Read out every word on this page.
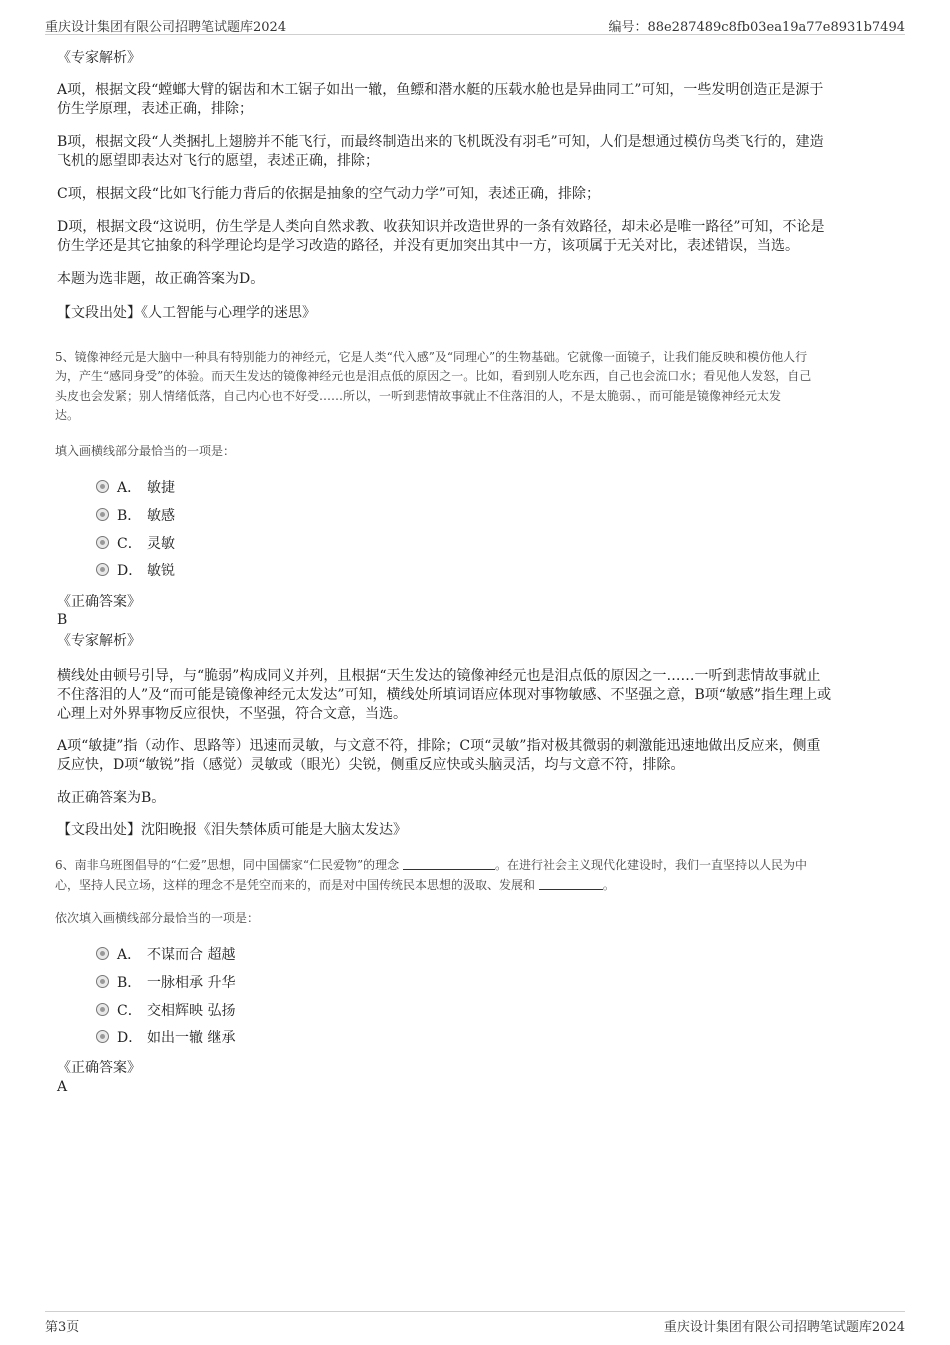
重庆设计集团有限公司招聘笔试题库2024	编号：88e287489c8fb03ea19a77e8931b7494
《专家解析》
A项，根据文段“螳螂大臂的锯齿和木工锯子如出一辙，鱼鳔和潜水艇的压载水舱也是异曲同工”可知，一些发明创造正是源于
仿生学原理，表述正确，排除；
B项，根据文段“人类捆扎上翅膀并不能飞行，而最终制造出来的飞机既没有羽毛”可知，人们是想通过模仿鸟类飞行的，建造
飞机的愿望即表达对飞行的愿望，表述正确，排除；
C项，根据文段“比如飞行能力背后的依据是抽象的空气动力学”可知，表述正确，排除；
D项，根据文段“这说明，仿生学是人类向自然求教、收获知识并改造世界的一条有效路径，却未必是唯一路径”可知，不论是
仿生学还是其它抽象的科学理论均是学习改造的路径，并没有更加突出其中一方，该项属于无关对比，表述错误，当选。
本题为选非题，故正确答案为D。
【文段出处】《人工智能与心理学的迷思》
5、镜像神经元是大脑中一种具有特别能力的神经元，它是人类“代入感”及“同理心”的生物基础。它就像一面镜子，让我们能反映和模仿他人行
为，产生“感同身受”的体验。而天生发达的镜像神经元也是泪点低的原因之一。比如，看到别人吃东西，自己也会流口水；看见他人发怒，自己
头皮也会发紧；别人情绪低落，自己内心也不好受……所以，一听到悲情故事就止不住落泪的人，不是太脆弱、，而可能是镜像神经元太发
达。
填入画横线部分最恰当的一项是：
A． 敏捷
B． 敏感
C． 灵敏
D． 敏锐
《正确答案》
B
《专家解析》
横线处由顿号引导，与“脆弱”构成同义并列，且根据“天生发达的镜像神经元也是泪点低的原因之一……一听到悲情故事就止
不住落泪的人”及“而可能是镜像神经元太发达”可知，横线处所填词语应体现对事物敏感、不坚强之意，B项“敏感”指生理上或
心理上对外界事物反应很快，不坚强，符合文意，当选。
A项“敏捷”指（动作、思路等）迅速而灵敏，与文意不符，排除；C项“灵敏”指对极其微弱的刺激能迅速地做出反应来，侧重
反应快，D项“敏锐”指（感觉）灵敏或（眼光）尖锐，侧重反应快或头脑灵活，均与文意不符，排除。
故正确答案为B。
【文段出处】沈阳晚报《泪失禁体质可能是大脑太发达》
6、南非乌班图倡导的“仁爱”思想，同中国儒家“仁民爱物”的理念	。在进行社会主义现代化建设时，我们一直坚持以人民为中
心，坚持人民立场，这样的理念不是凭空而来的，而是对中国传统民本思想的汲取、发展和	。
依次填入画横线部分最恰当的一项是：
A． 不谋而合 超越
B． 一脉相承 升华
C． 交相辉映 弘扬
D． 如出一辙 继承
《正确答案》
A
第3页	重庆设计集团有限公司招聘笔试题库2024
